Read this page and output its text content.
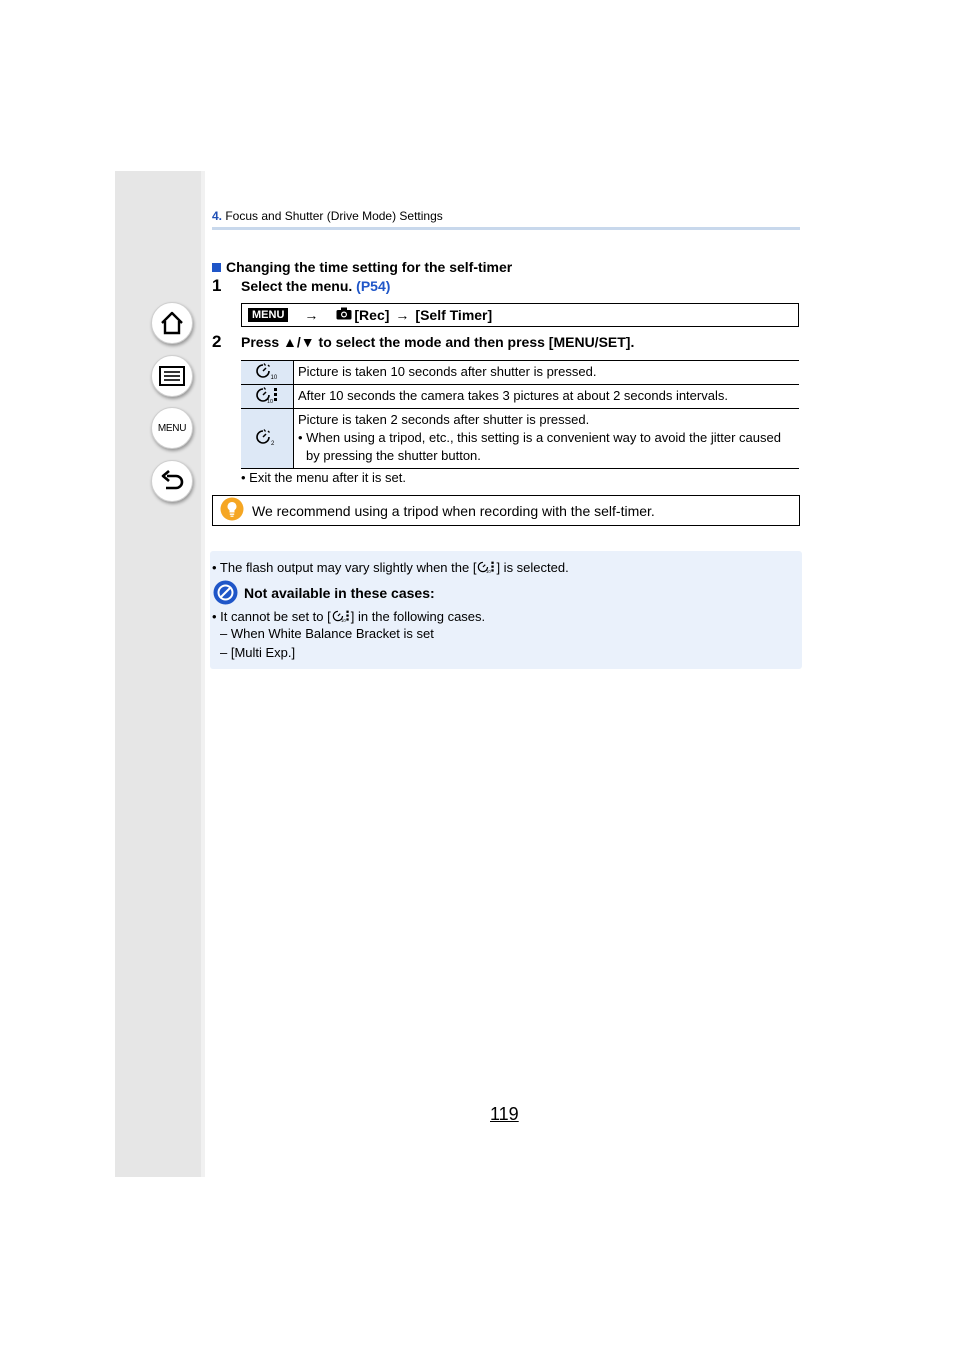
MENU
4. Focus and Shutter (Drive Mode) Settings
Changing the time setting for the self-timer
1 Select the menu. (P54)
MENU →	[Rec] → [Self Timer]
2 Press ▲/▼ to select the mode and then press [MENU/SET].
10	Picture is taken 10 seconds after shutter is pressed.

10	After 10 seconds the camera takes 3 pictures at about 2 seconds intervals.

2	Picture is taken 2 seconds after shutter is pressed.
• When using a tripod, etc., this setting is a convenient way to avoid the jitter caused by pressing the shutter button.
• Exit the menu after it is set.
We recommend using a tripod when recording with the self-timer.
• The flash output may vary slightly when the [ 10 ] is selected.
Not available in these cases:
• It cannot be set to [ 10 ] in the following cases.
– When White Balance Bracket is set
– [Multi Exp.]
119
